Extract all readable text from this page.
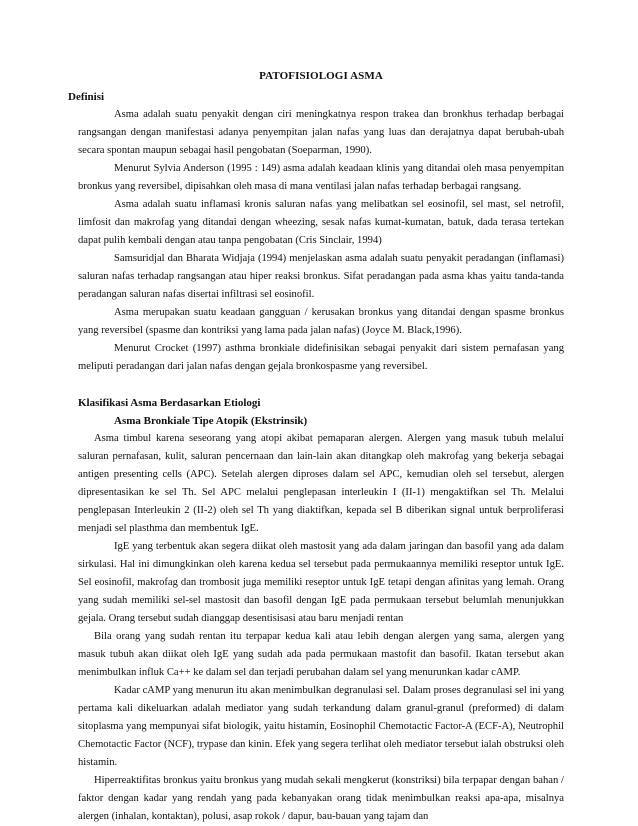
PATOFISIOLOGI ASMA

Definisi

Asma adalah suatu penyakit dengan ciri meningkatnya respon trakea dan bronkhus terhadap berbagai rangsangan dengan manifestasi adanya penyempitan jalan nafas yang luas dan derajatnya dapat berubah-ubah secara spontan maupun sebagai hasil pengobatan (Soeparman, 1990).

Menurut Sylvia Anderson (1995 : 149) asma adalah keadaan klinis yang ditandai oleh masa penyempitan bronkus yang reversibel, dipisahkan oleh masa di mana ventilasi jalan nafas terhadap berbagai rangsang.

Asma adalah suatu inflamasi kronis saluran nafas yang melibatkan sel eosinofil, sel mast, sel netrofil, limfosit dan makrofag yang ditandai dengan wheezing, sesak nafas kumat-kumatan, batuk, dada terasa tertekan dapat pulih kembali dengan atau tanpa pengobatan (Cris Sinclair, 1994)

Samsuridjal dan Bharata Widjaja (1994) menjelaskan asma adalah suatu penyakit peradangan (inflamasi) saluran nafas terhadap rangsangan atau hiper reaksi bronkus. Sifat peradangan pada asma khas yaitu tanda-tanda peradangan saluran nafas disertai infiltrasi sel eosinofil.

Asma merupakan suatu keadaan gangguan / kerusakan bronkus yang ditandai dengan spasme bronkus yang reversibel (spasme dan kontriksi yang lama pada jalan nafas) (Joyce M. Black,1996).

Menurut Crocket (1997) asthma bronkiale didefinisikan sebagai penyakit dari sistem pernafasan yang meliputi peradangan dari jalan nafas dengan gejala bronkospasme yang reversibel.

Klasifikasi Asma Berdasarkan Etiologi

Asma Bronkiale Tipe Atopik (Ekstrinsik)

Asma timbul karena seseorang yang atopi akibat pemaparan alergen. Alergen yang masuk tubuh melalui saluran pernafasan, kulit, saluran pencernaan dan lain-lain akan ditangkap oleh makrofag yang bekerja sebagai antigen presenting cells (APC). Setelah alergen diproses dalam sel APC, kemudian oleh sel tersebut, alergen dipresentasikan ke sel Th. Sel APC melalui penglepasan interleukin I (II-1) mengaktifkan sel Th. Melalui penglepasan Interleukin 2 (II-2) oleh sel Th yang diaktifkan, kepada sel B diberikan signal untuk berproliferasi menjadi sel plasthma dan membentuk IgE.

IgE yang terbentuk akan segera diikat oleh mastosit yang ada dalam jaringan dan basofil yang ada dalam sirkulasi. Hal ini dimungkinkan oleh karena kedua sel tersebut pada permukaannya memiliki reseptor untuk IgE. Sel eosinofil, makrofag dan trombosit juga memiliki reseptor untuk IgE tetapi dengan afinitas yang lemah. Orang yang sudah memiliki sel-sel mastosit dan basofil dengan IgE pada permukaan tersebut belumlah menunjukkan gejala. Orang tersebut sudah dianggap desentisisasi atau baru menjadi rentan

Bila orang yang sudah rentan itu terpapar kedua kali atau lebih dengan alergen yang sama, alergen yang masuk tubuh akan diikat oleh IgE yang sudah ada pada permukaan mastofit dan basofil. Ikatan tersebut akan menimbulkan influk Ca++ ke dalam sel dan terjadi perubahan dalam sel yang menurunkan kadar cAMP.

Kadar cAMP yang menurun itu akan menimbulkan degranulasi sel. Dalam proses degranulasi sel ini yang pertama kali dikeluarkan adalah mediator yang sudah terkandung dalam granul-granul (preformed) di dalam sitoplasma yang mempunyai sifat biologik, yaitu histamin, Eosinophil Chemotactic Factor-A (ECF-A), Neutrophil Chemotactic Factor (NCF), trypase dan kinin. Efek yang segera terlihat oleh mediator tersebut ialah obstruksi oleh histamin.

Hiperreaktifitas bronkus yaitu bronkus yang mudah sekali mengkerut (konstriksi) bila terpapar dengan bahan / faktor dengan kadar yang rendah yang pada kebanyakan orang tidak menimbulkan reaksi apa-apa, misalnya alergen (inhalan, kontaktan), polusi, asap rokok / dapur, bau-bauan yang tajam dan
